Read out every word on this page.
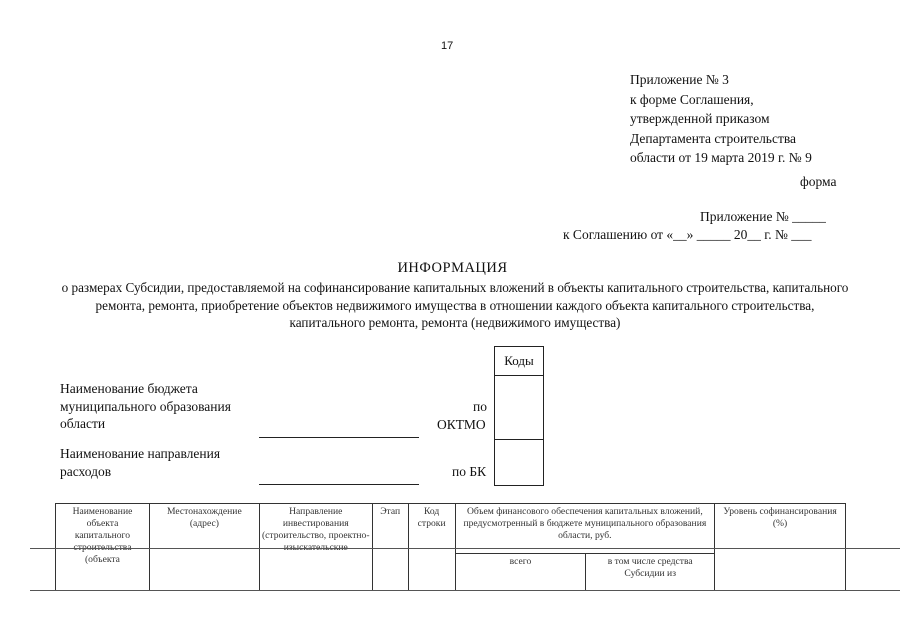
17
Приложение № 3
к форме Соглашения,
утвержденной приказом
Департамента строительства
области от 19 марта 2019 г. № 9
форма
Приложение № _____
к Соглашению от «__» _____ 20__ г. № ___
ИНФОРМАЦИЯ
о размерах Субсидии, предоставляемой на софинансирование капитальных вложений в объекты капитального строительства, капитального ремонта, ремонта, приобретение объектов недвижимого имущества в отношении каждого объекта капитального строительства, капитального ремонта, ремонта (недвижимого имущества)
Коды
Наименование бюджета
муниципального образования
области
по
ОКТМО
Наименование направления
расходов	по БК
Наименование объекта капитального строительства (объекта	Местонахождение (адрес)	Направление инвестирования (строительство, проектно-изыскательские	Этап	Код строки	Объем финансового обеспечения капитальных вложений, предусмотренный в бюджете муниципального образования области, руб.		Уровень софинансирования (%)
					всего	в том числе средства Субсидии из	
